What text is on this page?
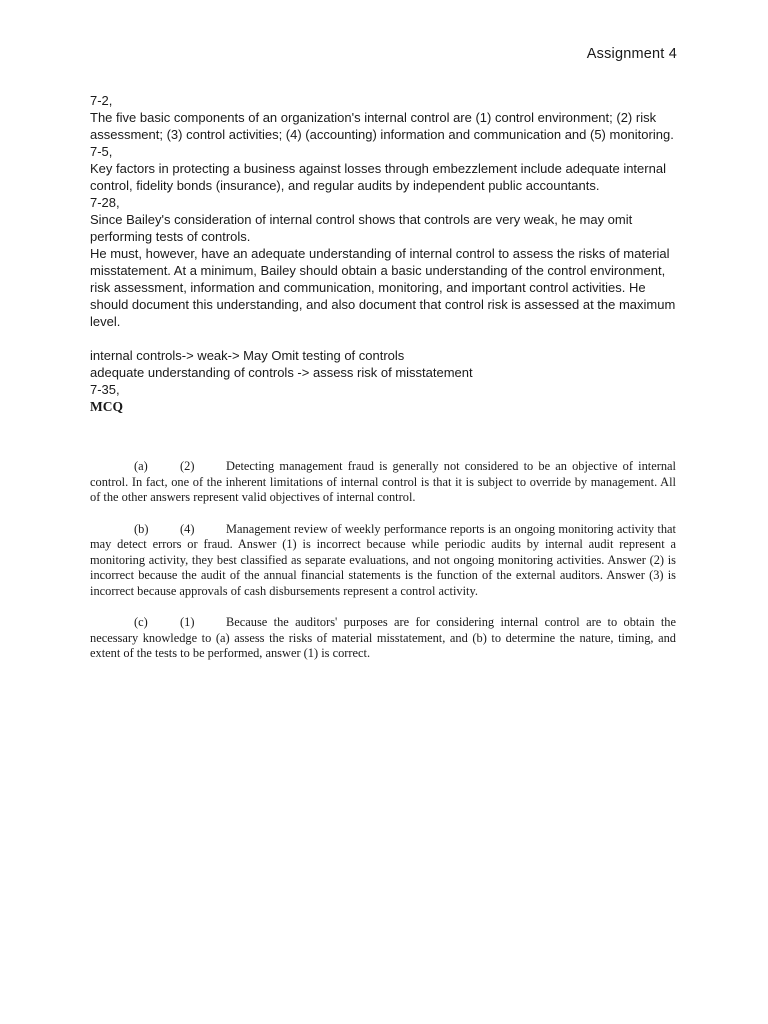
Assignment 4

7-2,

The five basic components of an organization's internal control are (1) control environment; (2) risk assessment; (3) control activities; (4) (accounting) information and communication and (5) monitoring.

7-5,

Key factors in protecting a business against losses through embezzlement include adequate internal control, fidelity bonds (insurance), and regular audits by independent public accountants.

7-28,

Since Bailey's consideration of internal control shows that controls are very weak, he may omit performing tests of controls.

He must, however, have an adequate understanding of internal control to assess the risks of material misstatement. At a minimum, Bailey should obtain a basic understanding of the control environment, risk assessment, information and communication, monitoring, and important control activities. He should document this understanding, and also document that control risk is assessed at the maximum level.

internal controls-> weak-> May Omit testing of controls

adequate understanding of controls -> assess risk of misstatement

7-35,

MCQ

(a)	(2)	Detecting management fraud is generally not considered to be an objective of internal control. In fact, one of the inherent limitations of internal control is that it is subject to override by management. All of the other answers represent valid objectives of internal control.

(b)	(4)	Management review of weekly performance reports is an ongoing monitoring activity that may detect errors or fraud. Answer (1) is incorrect because while periodic audits by internal audit represent a monitoring activity, they best classified as separate evaluations, and not ongoing monitoring activities. Answer (2) is incorrect because the audit of the annual financial statements is the function of the external auditors. Answer (3) is incorrect because approvals of cash disbursements represent a control activity.

(c)	(1)	Because the auditors' purposes are for considering internal control are to obtain the necessary knowledge to (a) assess the risks of material misstatement, and (b) to determine the nature, timing, and extent of the tests to be performed, answer (1) is correct.
